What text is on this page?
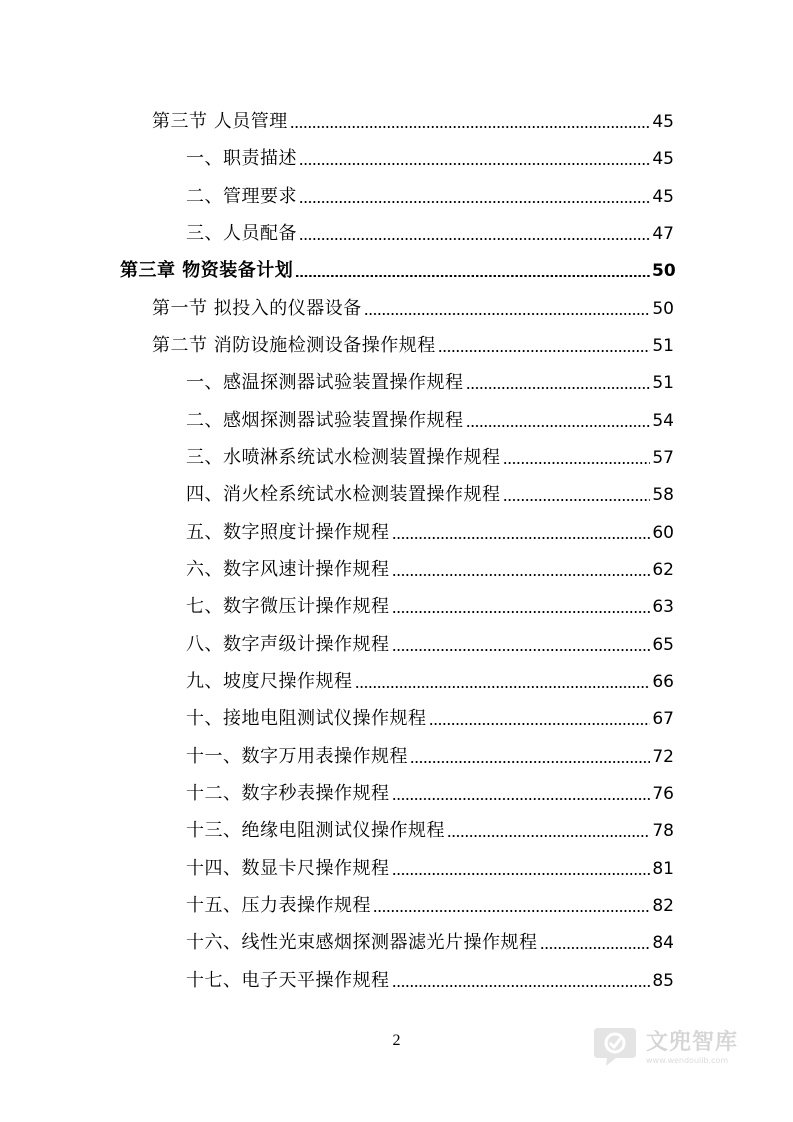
第三节 人员管理	45
一、职责描述	45
二、管理要求	45
三、人员配备	47
第三章 物资装备计划	50
第一节 拟投入的仪器设备	50
第二节 消防设施检测设备操作规程	51
一、感温探测器试验装置操作规程	51
二、感烟探测器试验装置操作规程	54
三、水喷淋系统试水检测装置操作规程	57
四、消火栓系统试水检测装置操作规程	58
五、数字照度计操作规程	60
六、数字风速计操作规程	62
七、数字微压计操作规程	63
八、数字声级计操作规程	65
九、坡度尺操作规程	66
十、接地电阻测试仪操作规程	67
十一、数字万用表操作规程	72
十二、数字秒表操作规程	76
十三、绝缘电阻测试仪操作规程	78
十四、数显卡尺操作规程	81
十五、压力表操作规程	82
十六、线性光束感烟探测器滤光片操作规程	84
十七、电子天平操作规程	85
2	文兜智库
www.wendoulib.com
